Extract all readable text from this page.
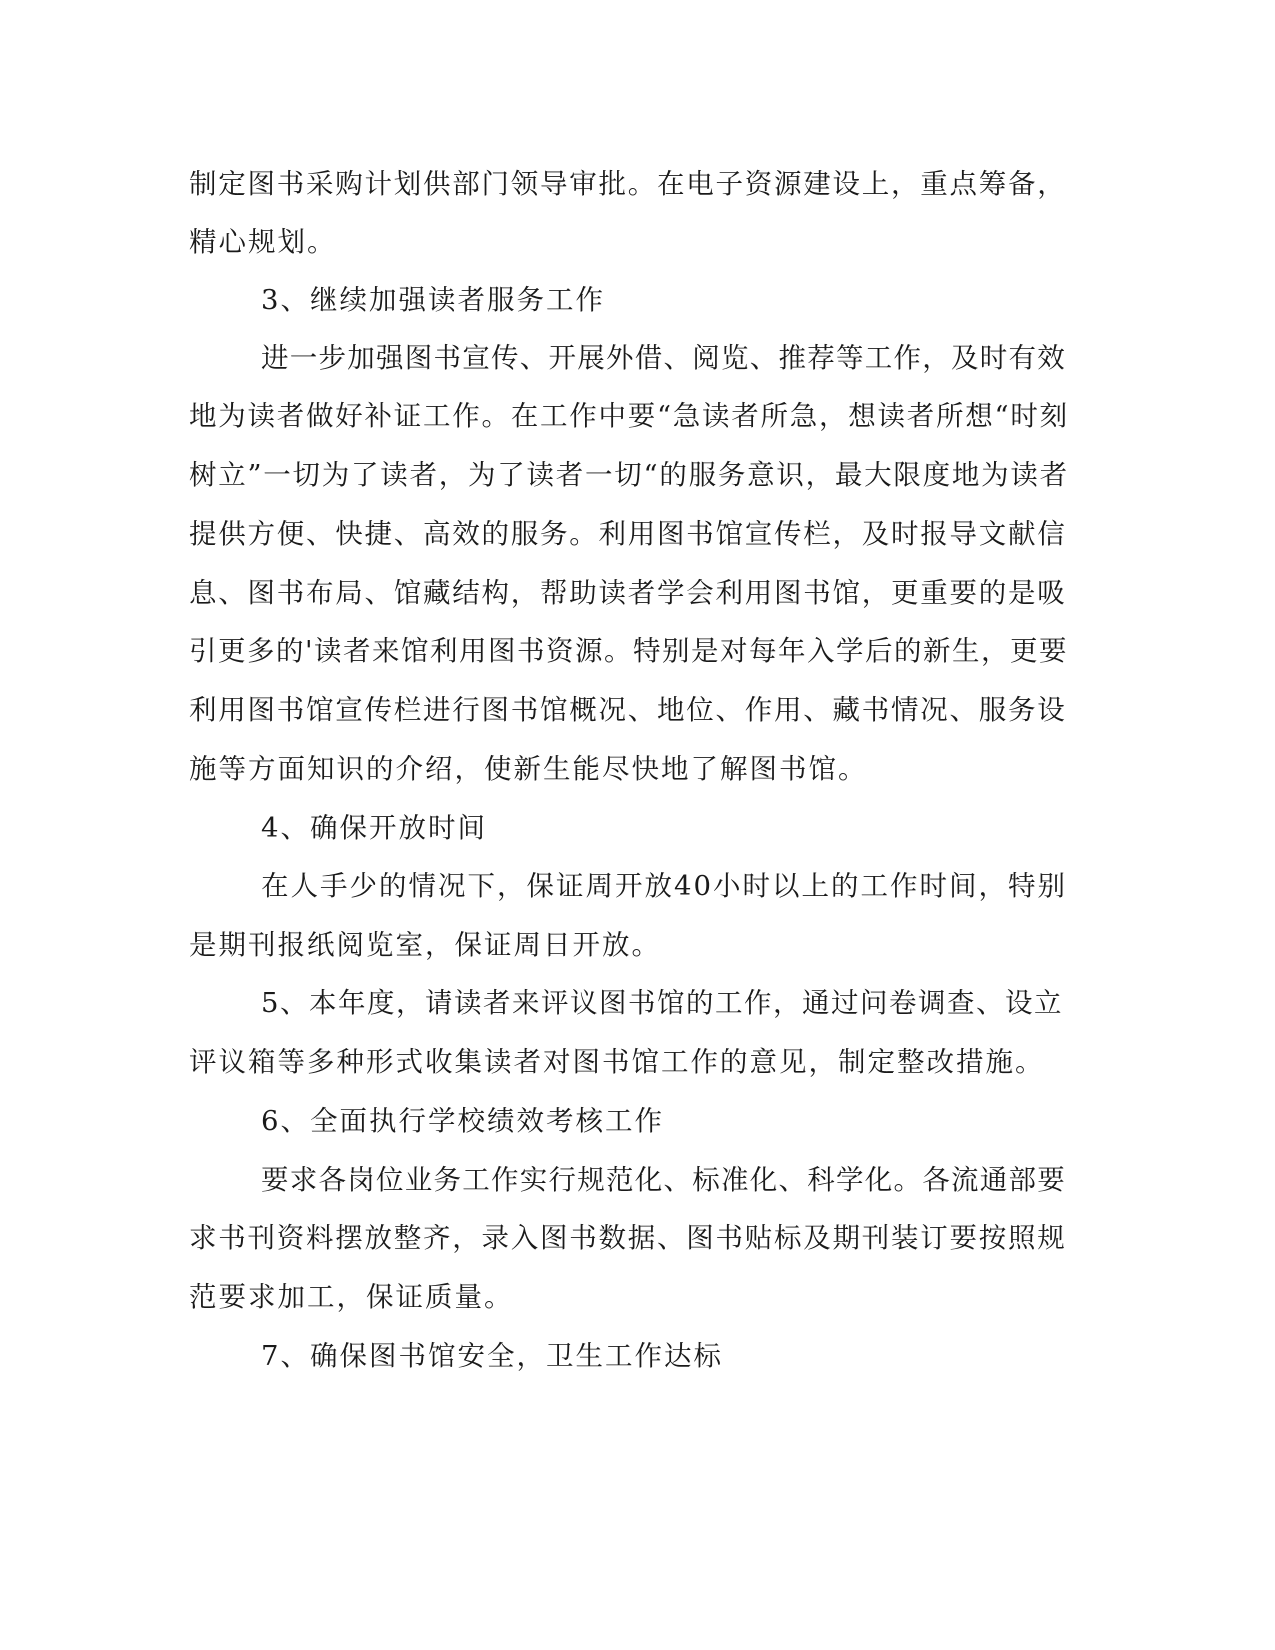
制定图书采购计划供部门领导审批。在电子资源建设上，重点筹备，
精心规划。
3、继续加强读者服务工作
进一步加强图书宣传、开展外借、阅览、推荐等工作，及时有效
地为读者做好补证工作。在工作中要“急读者所急，想读者所想“时刻
树立”一切为了读者，为了读者一切“的服务意识，最大限度地为读者
提供方便、快捷、高效的服务。利用图书馆宣传栏，及时报导文献信
息、图书布局、馆藏结构，帮助读者学会利用图书馆，更重要的是吸
引更多的'读者来馆利用图书资源。特别是对每年入学后的新生，更要
利用图书馆宣传栏进行图书馆概况、地位、作用、藏书情况、服务设
施等方面知识的介绍，使新生能尽快地了解图书馆。
4、确保开放时间
在人手少的情况下，保证周开放40小时以上的工作时间，特别
是期刊报纸阅览室，保证周日开放。
5、本年度，请读者来评议图书馆的工作，通过问卷调查、设立
评议箱等多种形式收集读者对图书馆工作的意见，制定整改措施。
6、全面执行学校绩效考核工作
要求各岗位业务工作实行规范化、标准化、科学化。各流通部要
求书刊资料摆放整齐，录入图书数据、图书贴标及期刊装订要按照规
范要求加工，保证质量。
7、确保图书馆安全，卫生工作达标
